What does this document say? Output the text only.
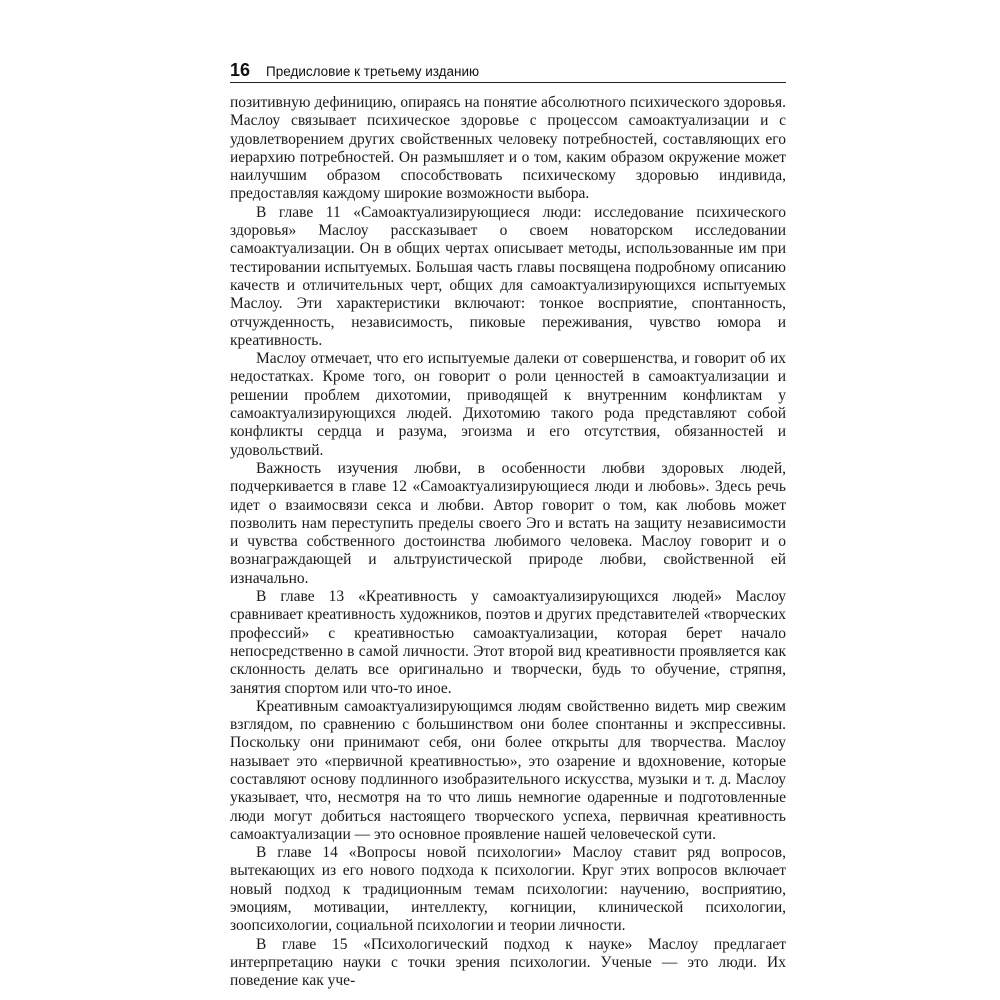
16 Предисловие к третьему изданию

позитивную дефиницию, опираясь на понятие абсолютного психического здоровья. Маслоу связывает психическое здоровье с процессом самоактуализации и с удовлетворением других свойственных человеку потребностей, составляющих его иерархию потребностей. Он размышляет и о том, каким образом окружение может наилучшим образом способствовать психическому здоровью индивида, предоставляя каждому широкие возможности выбора.

В главе 11 «Самоактуализирующиеся люди: исследование психического здоровья» Маслоу рассказывает о своем новаторском исследовании самоактуализации. Он в общих чертах описывает методы, использованные им при тестировании испытуемых. Большая часть главы посвящена подробному описанию качеств и отличительных черт, общих для самоактуализирующихся испытуемых Маслоу. Эти характеристики включают: тонкое восприятие, спонтанность, отчужденность, независимость, пиковые переживания, чувство юмора и креативность.

Маслоу отмечает, что его испытуемые далеки от совершенства, и говорит об их недостатках. Кроме того, он говорит о роли ценностей в самоактуализации и решении проблем дихотомии, приводящей к внутренним конфликтам у самоактуализирующихся людей. Дихотомию такого рода представляют собой конфликты сердца и разума, эгоизма и его отсутствия, обязанностей и удовольствий.

Важность изучения любви, в особенности любви здоровых людей, подчеркивается в главе 12 «Самоактуализирующиеся люди и любовь». Здесь речь идет о взаимосвязи секса и любви. Автор говорит о том, как любовь может позволить нам переступить пределы своего Эго и встать на защиту независимости и чувства собственного достоинства любимого человека. Маслоу говорит и о вознаграждающей и альтруистической природе любви, свойственной ей изначально.

В главе 13 «Креативность у самоактуализирующихся людей» Маслоу сравнивает креативность художников, поэтов и других представителей «творческих профессий» с креативностью самоактуализации, которая берет начало непосредственно в самой личности. Этот второй вид креативности проявляется как склонность делать все оригинально и творчески, будь то обучение, стряпня, занятия спортом или что-то иное.

Креативным самоактуализирующимся людям свойственно видеть мир свежим взглядом, по сравнению с большинством они более спонтанны и экспрессивны. Поскольку они принимают себя, они более открыты для творчества. Маслоу называет это «первичной креативностью», это озарение и вдохновение, которые составляют основу подлинного изобразительного искусства, музыки и т. д. Маслоу указывает, что, несмотря на то что лишь немногие одаренные и подготовленные люди могут добиться настоящего творческого успеха, первичная креативность самоактуализации — это основное проявление нашей человеческой сути.

В главе 14 «Вопросы новой психологии» Маслоу ставит ряд вопросов, вытекающих из его нового подхода к психологии. Круг этих вопросов включает новый подход к традиционным темам психологии: научению, восприятию, эмоциям, мотивации, интеллекту, когниции, клинической психологии, зоопсихологии, социальной психологии и теории личности.

В главе 15 «Психологический подход к науке» Маслоу предлагает интерпретацию науки с точки зрения психологии. Ученые — это люди. Их поведение как уче-
